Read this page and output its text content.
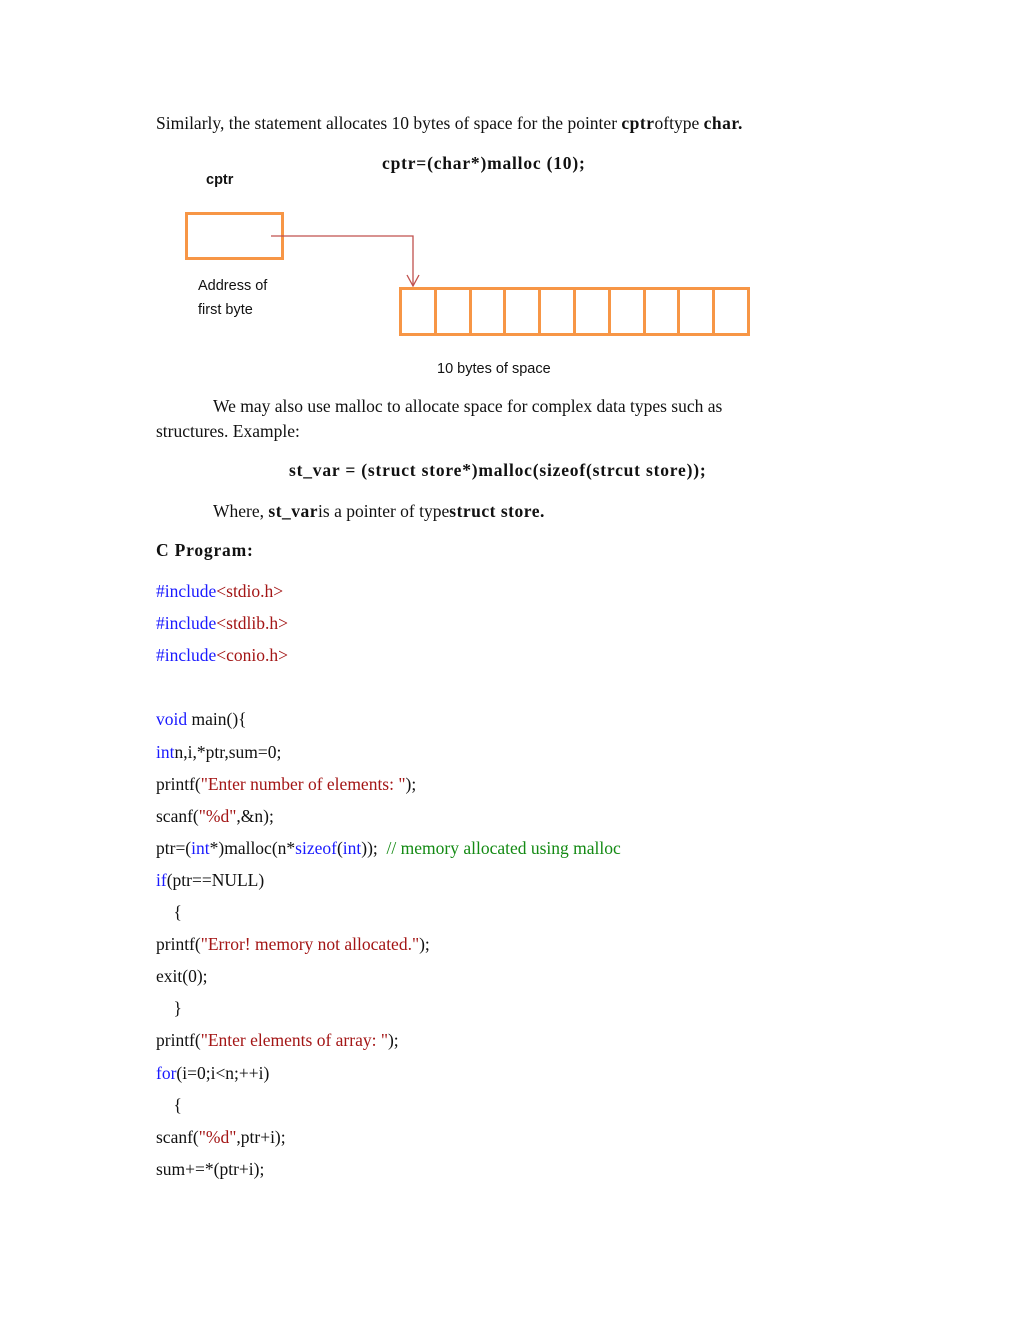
Similarly, the statement allocates 10 bytes of space for the pointer cptroftype char.
cptr=(char*)malloc (10);
cptr
Address of
first byte
10 bytes of space
We may also use malloc to allocate space for complex data types such as
structures. Example:
st_var = (struct store*)malloc(sizeof(strcut store));
Where, st_varis a pointer of typestruct store.
C Program:
#include<stdio.h>
#include<stdlib.h>
#include<conio.h>
void main(){
intn,i,*ptr,sum=0;
printf("Enter number of elements: ");
scanf("%d",&n);
ptr=(int*)malloc(n*sizeof(int));  // memory allocated using malloc
if(ptr==NULL)
{
printf("Error! memory not allocated.");
exit(0);
}
printf("Enter elements of array: ");
for(i=0;i<n;++i)
{
scanf("%d",ptr+i);
sum+=*(ptr+i);
